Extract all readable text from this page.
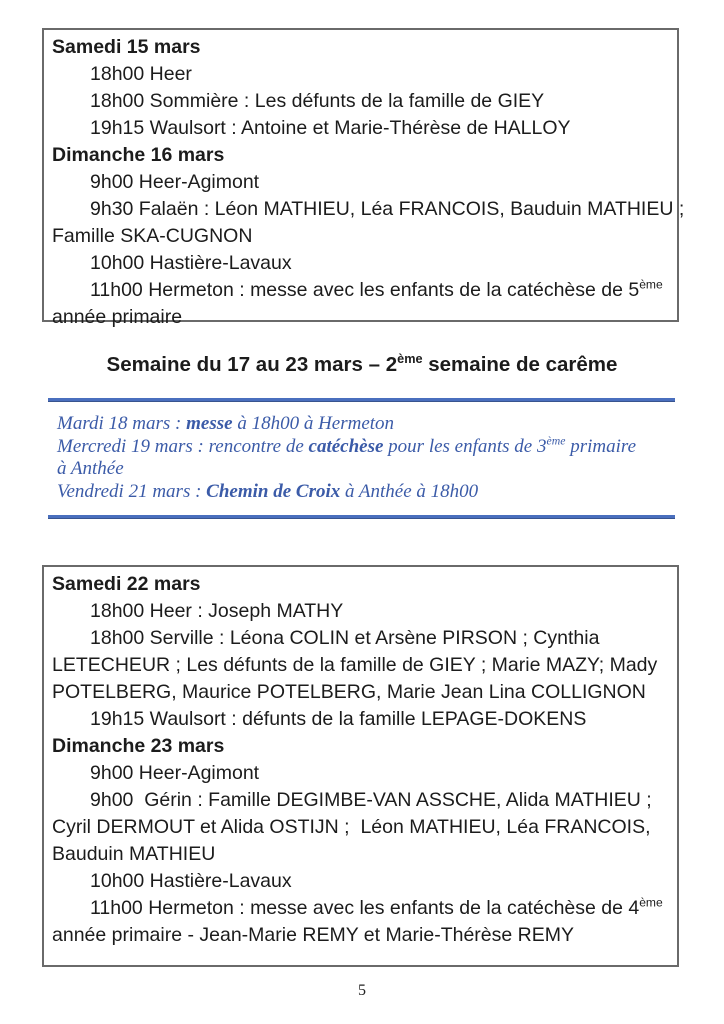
Samedi 15 mars
18h00 Heer
18h00 Sommière : Les défunts de la famille de GIEY
19h15 Waulsort : Antoine et Marie-Thérèse de HALLOY
Dimanche 16 mars
9h00 Heer-Agimont
9h30 Falaën : Léon MATHIEU, Léa FRANCOIS, Bauduin MATHIEU ;
Famille SKA-CUGNON
10h00 Hastière-Lavaux
11h00 Hermeton : messe avec les enfants de la catéchèse de 5ème
année primaire
Semaine du 17 au 23 mars – 2ème semaine de carême
Mardi 18 mars : messe à 18h00 à Hermeton
Mercredi 19 mars : rencontre de catéchèse pour les enfants de 3ème primaire
à Anthée
Vendredi 21 mars : Chemin de Croix à Anthée à 18h00
Samedi 22 mars
18h00 Heer : Joseph MATHY
18h00 Serville : Léona COLIN et Arsène PIRSON ; Cynthia
LETECHEUR ; Les défunts de la famille de GIEY ; Marie MAZY; Mady
POTELBERG, Maurice POTELBERG, Marie Jean Lina COLLIGNON
19h15 Waulsort : défunts de la famille LEPAGE-DOKENS
Dimanche 23 mars
9h00 Heer-Agimont
9h00  Gérin : Famille DEGIMBE-VAN ASSCHE, Alida MATHIEU ;
Cyril DERMOUT et Alida OSTIJN ;  Léon MATHIEU, Léa FRANCOIS,
Bauduin MATHIEU
10h00 Hastière-Lavaux
11h00 Hermeton : messe avec les enfants de la catéchèse de 4ème
année primaire - Jean-Marie REMY et Marie-Thérèse REMY
5
